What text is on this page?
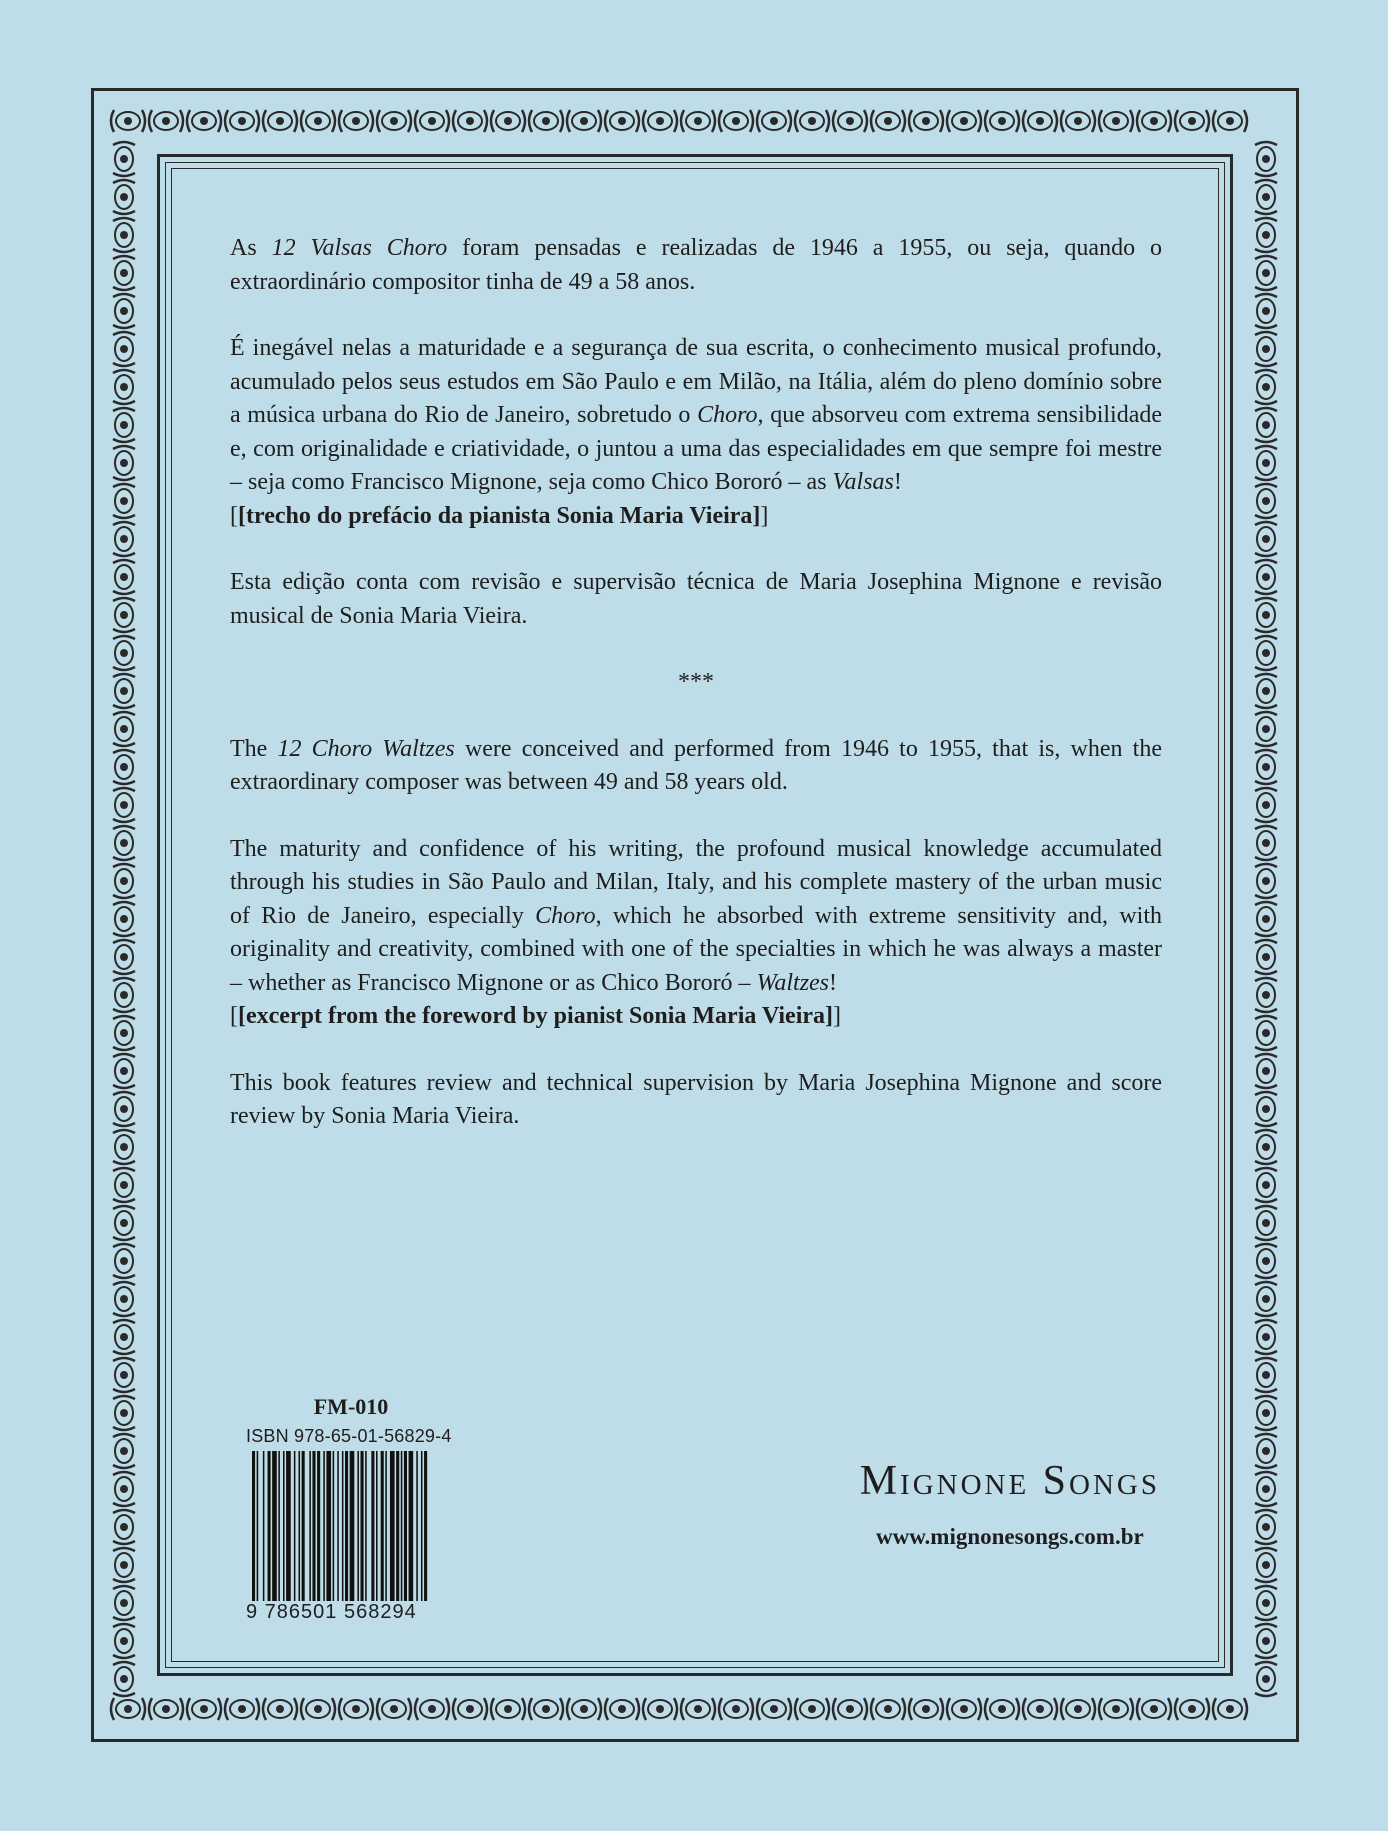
As 12 Valsas Choro foram pensadas e realizadas de 1946 a 1955, ou seja, quando o extraordinário compositor tinha de 49 a 58 anos.

É inegável nelas a maturidade e a segurança de sua escrita, o conhecimento musical profundo, acumulado pelos seus estudos em São Paulo e em Milão, na Itália, além do pleno domínio sobre a música urbana do Rio de Janeiro, sobretudo o Choro, que absorveu com extrema sensibilidade e, com originalidade e criatividade, o juntou a uma das especialidades em que sempre foi mestre – seja como Francisco Mignone, seja como Chico Bororó – as Valsas!
[[trecho do prefácio da pianista Sonia Maria Vieira]]

Esta edição conta com revisão e supervisão técnica de Maria Josephina Mignone e revisão musical de Sonia Maria Vieira.

***

The 12 Choro Waltzes were conceived and performed from 1946 to 1955, that is, when the extraordinary composer was between 49 and 58 years old.

The maturity and confidence of his writing, the profound musical knowledge accumulated through his studies in São Paulo and Milan, Italy, and his complete mastery of the urban music of Rio de Janeiro, especially Choro, which he absorbed with extreme sensitivity and, with originality and creativity, combined with one of the specialties in which he was always a master – whether as Francisco Mignone or as Chico Bororó – Waltzes!
[[excerpt from the foreword by pianist Sonia Maria Vieira]]

This book features review and technical supervision by Maria Josephina Mignone and score review by Sonia Maria Vieira.

FM-010
ISBN 978-65-01-56829-4
9 786501 568294
Mignone Songs
www.mignonesongs.com.br
